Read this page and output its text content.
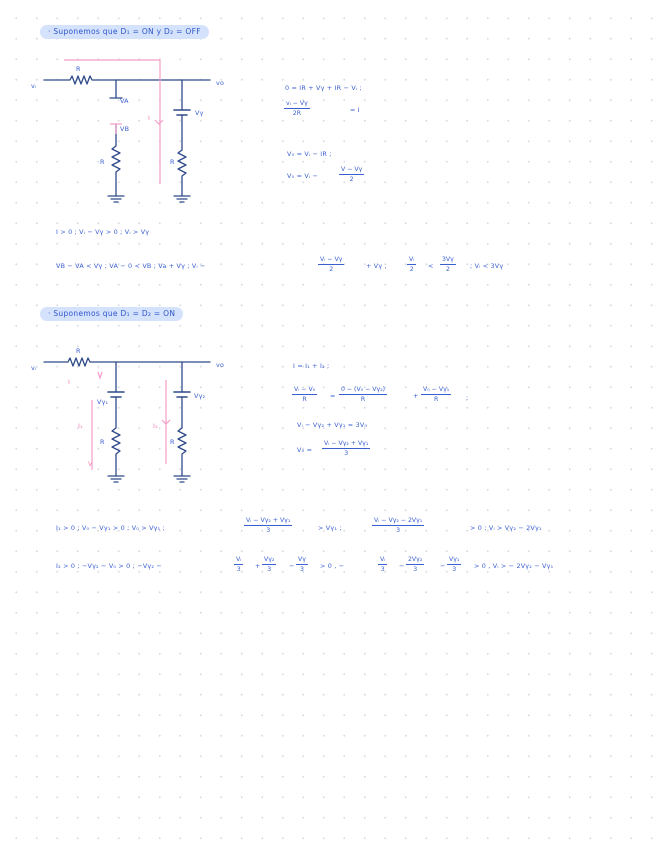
· Suponemos que D₁ = ON y D₂ = OFF
vᵢ
R
vo
VA
VB
R	R
Vγ
I
0 = IR + Vγ + IR − Vᵢ ;
$\frac{\text{vᵢ − Vγ}}{2R}$	= I
V₀ = Vᵢ − IR ;
V₀ = Vᵢ −	$\frac{V - V\gamma}{2}$
I > 0 ; Vᵢ − Vγ > 0 ; Vᵢ > Vγ
VB − VA < Vγ ; VA − 0 < VB ; Va + Vγ ; Vᵢ −	$\frac{\text{Vᵢ − Vγ}}{2}$	+ Vγ ,	$\frac{\text{Vᵢ}}{2} < \frac{3V\gamma}{2}$ ; Vᵢ < 3Vγ
· Suponemos que D₁ = D₂ = ON
vᵢ
R
vo
I
Vγ₁
I₁	I₂
R	R
Vγ₂
V
I = I₁ + I₂ ;
$\frac{\text{Vᵢ − V₀}}{R} = \frac{\text{0 − (V₀ − Vγ₂)}}{R}$	+ $\frac{\text{V₀ − Vγ₁}}{R}$ ;
Vᵢ − Vγ₂ + Vγ₁ = 3V₀
$V_0 = \frac{\text{Vᵢ − Vγ₂ + Vγ₁}}{3}$
I₁ > 0 ; V₀ − Vγ₁ > 0 ; V₀ > Vγ₁ ;	$\frac{\text{Vᵢ − Vγ₂ + Vγ₁}}{3}$	> Vγ₁ ;	$\frac{\text{Vᵢ − Vγ₂ − 2Vγ₁}}{3}$	> 0 ; Vᵢ > Vγ₂ − 2Vγ₁
I₂ > 0 ; −Vγ₂ − V₀ > 0 ; −Vγ₂ −	$\frac{\text{Vᵢ}}{3} + \frac{\text{Vγ₂}}{3} - \frac{V\gamma}{3} > 0$ , −	$\frac{\text{Vᵢ}}{3} - \frac{\text{2Vγ₂}}{3} - \frac{\text{Vγ₁}}{3} > 0$ , Vᵢ > − 2Vγ₂ − Vγ₁
